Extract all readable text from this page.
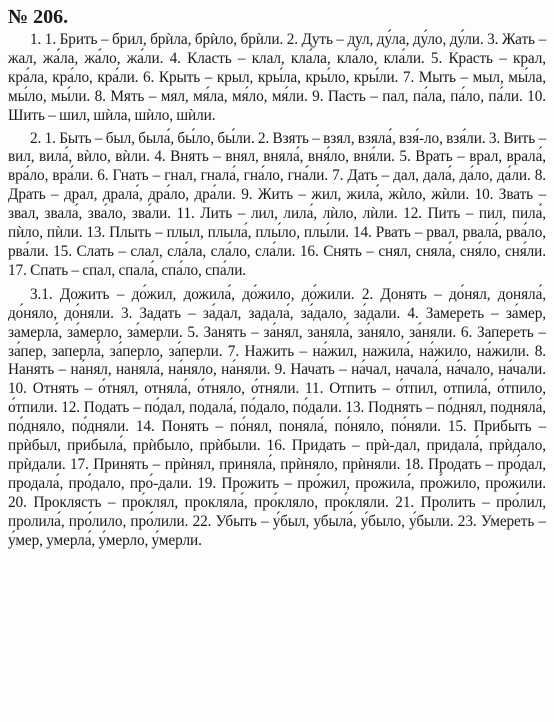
№ 206.

1. 1. Брить – брил, брѝла, брѝло, брѝли. 2. Дуть – дул, ду́ла, ду́ло, ду́ли. 3. Жать – жал, жа́ла, жа́ло, жа́ли. 4. Класть – клал, кла́ла, кла́ло, кла́ли. 5. Красть – крал, кра́ла, кра́ло, кра́ли. 6. Крыть – крыл, кры́ла, кры́ло, кры́ли. 7. Мыть – мыл, мы́ла, мы́ло, мы́ли. 8. Мять – мял, мя́ла, мя́ло, мя́ли. 9. Пасть – пал, па́ла, па́ло, па́ли. 10. Шить – шил, шѝла, шѝло, шѝли.

2. 1. Быть – был, была́, бы́ло, бы́ли. 2. Взять – взял, взяла́, взя́-ло, взя́ли. 3. Вить – вил, вила́, вѝло, вѝли. 4. Внять – внял, вняла́, вня́ло, вня́ли. 5. Врать – врал, врала́, вра́ло, вра́ли. 6. Гнать – гнал, гнала́, гна́ло, гна́ли. 7. Дать – дал, дала́, да́ло, да́ли. 8. Драть – драл, драла́, дра́ло, дра́ли. 9. Жить – жил, жила́, жѝло, жѝли. 10. Звать – звал, звала́, зва́ло, зва́ли. 11. Лить – лил, лила́, лѝло, лѝли. 12. Пить – пил, пила́, пѝло, пѝли. 13. Плыть – плыл, плыла́, плы́ло, плы́ли. 14. Рвать – рвал, рвала́, рва́ло, рва́ли. 15. Слать – слал, сла́ла, сла́ло, сла́ли. 16. Снять – снял, сняла́, сня́ло, сня́ли. 17. Спать – спал, спала́, спа́ло, спа́ли.

3.1. Дожить – до́жил, дожила́, до́жило, до́жили. 2. Донять – до́нял, доняла́, до́няло, до́няли. 3. Задать – за́дал, задала́, за́дало, за́дали. 4. Замереть – за́мер, замерла́, за́мерло, за́мерли. 5. Занять – за́нял, заняла́, за́няло, за́няли. 6. Запереть – за́пер, заперла́, за́перло, за́перли. 7. Нажить – на́жил, нажила́, на́жило, на́жили. 8. Нанять – на́нял, наняла́, на́няло, на́няли. 9. Начать – на́чал, начала́, на́чало, на́чали. 10. Отнять – о́тнял, отняла́, о́тняло, о́тняли. 11. Отпить – о́тпил, отпила́, о́тпило, о́тпили. 12. Подать – по́дал, подала́, по́дало, по́дали. 13. Поднять – по́днял, подняла́, по́дняло, по́дняли. 14. Понять – по́нял, поняла́, по́няло, по́няли. 15. Прибыть – прѝбыл, прибыла́, прѝбыло, прѝбыли. 16. Придать – прѝ-дал, придала́, прѝдало, прѝдали. 17. Принять – прѝнял, приняла́, прѝняло, прѝняли. 18. Продать – про́дал, продала́, про́дало, про́-дали. 19. Прожить – про́жил, прожила́, про́жило, про́жили. 20. Проклясть – про́клял, прокляла́, про́кляло, про́кляли. 21. Пролить – про́лил, пролила́, про́лило, про́лили. 22. Убыть – у́был, убыла́, у́было, у́были. 23. Умереть – у́мер, умерла́, у́мерло, у́мерли.
